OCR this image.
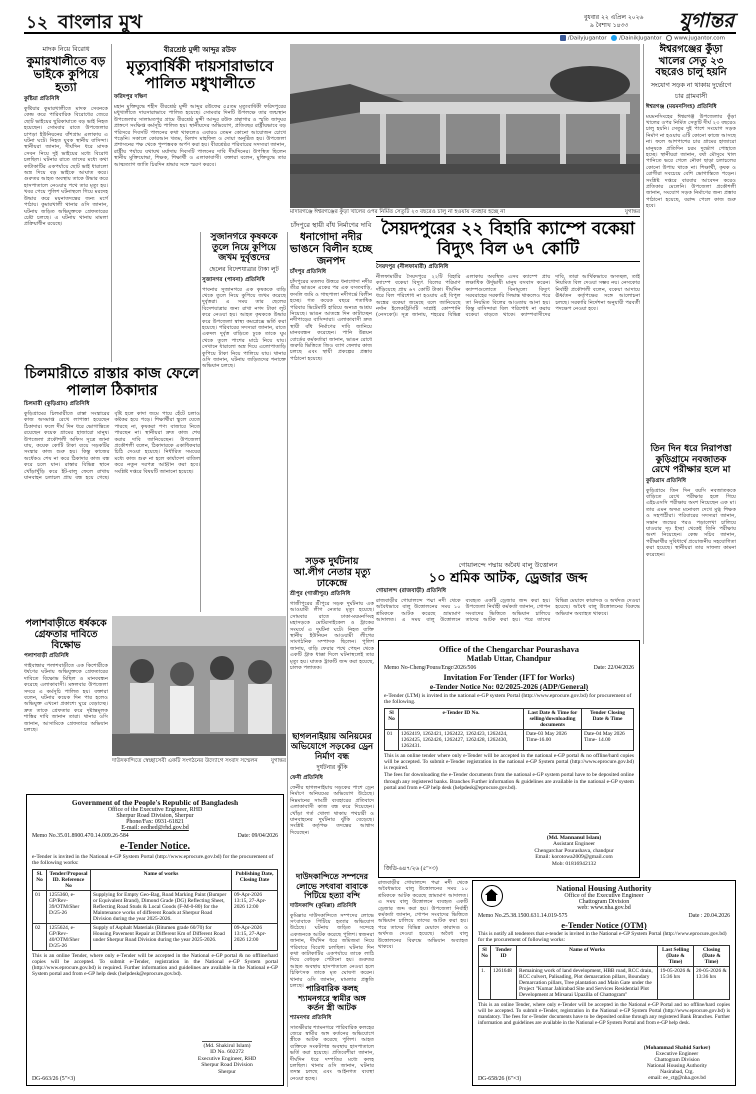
১২ বাংলার মুখ	বুধবার ২২ এপ্রিল ২০২৬
৯ বৈশাখ ১৪৩৩	যুগান্তর
/Dailyjugantor /DainikJugantor www.jugantor.com
মাদক নিয়ে বিরোধ
কুমারখালীতে বড় ভাইকে কুপিয়ে হত্যা
কুষ্টিয়া প্রতিনিধি
কুষ্টিয়ার কুমারখালীতে মাদক সেবনকে কেন্দ্র করে পারিবারিক বিরোধের জেরে ছোট ভাইয়ের ছুরিকাঘাতে বড় ভাই নিহত হয়েছেন। সোমবার রাতে উপজেলার চাপড়া ইউনিয়নের বাঁশগ্রাম এলাকায় এ ঘটনা ঘটে। নিহত যুবক স্থানীয় বাসিন্দা। স্থানীয়রা জানান, দীর্ঘদিন ধরে মাদক সেবন নিয়ে দুই ভাইয়ের মধ্যে বিরোধ চলছিল। ঘটনার রাতে তাদের মধ্যে কথা কাটাকাটির একপর্যায়ে ছোট ভাই ধারালো অস্ত্র দিয়ে বড় ভাইকে আঘাত করে। গুরুতর আহত অবস্থায় তাকে উদ্ধার করে হাসপাতালে নেওয়ার পথে তার মৃত্যু হয়। খবর পেয়ে পুলিশ ঘটনাস্থলে গিয়ে মরদেহ উদ্ধার করে ময়নাতদন্তের জন্য মর্গে পাঠায়। কুমারখালী থানার ওসি জানান, ঘটনায় জড়িত অভিযুক্তকে গ্রেফতারের চেষ্টা চলছে। এ ঘটনায় থানায় মামলা প্রক্রিয়াধীন রয়েছে।
বীরশ্রেষ্ঠ মুন্সী আব্দুর রউফ
মৃত্যুবার্ষিকী দায়সারাভাবে পালিত মধুখালীতে
ফরিদপুর দক্ষিণ
মহান মুক্তিযুদ্ধে শহীদ বীরশ্রেষ্ঠ মুন্সী আব্দুর রউফের ৫৫তম মৃত্যুবার্ষিকী ফরিদপুরের মধুখালীতে দায়সারাভাবে পালিত হয়েছে। সোমবার দিনটি উপলক্ষে তার জন্মস্থান উপজেলার সালামতপুর গ্রামে বীরশ্রেষ্ঠ মুন্সী আব্দুর রউফ গ্রন্থাগার ও স্মৃতি জাদুঘর প্রাঙ্গণে সংক্ষিপ্ত কর্মসূচি পালিত হয়। স্থানীয়দের অভিযোগ, প্রতিবছর রাষ্ট্রীয়ভাবে বড় পরিসরে দিবসটি পালনের কথা থাকলেও এবারও তেমন কোনো আয়োজন চোখে পড়েনি। সকালে কোরআন খতম, মিলাদ মাহফিল ও দোয়া অনুষ্ঠিত হয়। উপজেলা প্রশাসনের পক্ষ থেকে পুষ্পস্তবক অর্পণ করা হয়। বীরশ্রেষ্ঠর পরিবারের সদস্যরা জানান, রাষ্ট্রীয় পর্যায়ে যথাযথ মর্যাদায় দিবসটি পালনের দাবি দীর্ঘদিনের। উপস্থিত ছিলেন স্থানীয় মুক্তিযোদ্ধা, শিক্ষক, শিক্ষার্থী ও এলাকাবাসী। বক্তারা বলেন, মুক্তিযুদ্ধে তার আত্মত্যাগ জাতি চিরদিন শ্রদ্ধার সঙ্গে স্মরণ করবে।
মাদারগঞ্জে ঈশ্বরগঞ্জের কুঁড়া খালের ওপর নির্মিত সেতুটি ২৩ বছরেও চালু না হওয়ায় ব্যবহার হচ্ছে না	যুগান্তর
ঈশ্বরগঞ্জের কুঁড়া খালের সেতু ২৩ বছরেও চালু হয়নি
সংযোগ সড়ক না থাকায় দুর্ভোগে চার গ্রামবাসী
ঈশ্বরগঞ্জ (ময়মনসিংহ) প্রতিনিধি
ময়মনসিংহের ঈশ্বরগঞ্জ উপজেলার কুঁড়া খালের ওপর নির্মিত সেতুটি দীর্ঘ ২৩ বছরেও চালু হয়নি। সেতুর দুই পাশে সংযোগ সড়ক নির্মাণ না হওয়ায় এটি কোনো কাজে আসছে না। ফলে আশপাশের চার গ্রামের হাজারো মানুষকে প্রতিদিন চরম দুর্ভোগ পোহাতে হচ্ছে। স্থানীয়রা জানান, বর্ষা মৌসুমে খাল পানিতে ভরে গেলে নৌকা ছাড়া চলাচলের কোনো উপায় থাকে না। শিক্ষার্থী, কৃষক ও রোগীরা সবচেয়ে বেশি ভোগান্তিতে পড়েন। সংশ্লিষ্ট দপ্তরে বারবার আবেদন করেও প্রতিকার মেলেনি। উপজেলা প্রকৌশলী জানান, সংযোগ সড়ক নির্মাণের জন্য প্রস্তাব পাঠানো হয়েছে, বরাদ্দ পেলে কাজ শুরু হবে।
তিন দিন ধরে নিরাপত্তা কুড়িগ্রামে নবজাতক রেখে পরীক্ষার হলে মা
কুড়িগ্রাম প্রতিনিধি
কুড়িগ্রামে তিন দিন বয়সি নবজাতককে বাড়িতে রেখে পরীক্ষার হলে গিয়ে এইচএসসি পরীক্ষায় অংশ নিয়েছেন এক মা। তার এমন অদম্য মনোবল দেখে মুগ্ধ শিক্ষক ও সহপাঠীরা। পরিবারের সদস্যরা জানান, সন্তান জন্মের পরও পড়ালেখা চালিয়ে যাওয়ার দৃঢ় ইচ্ছা থেকেই তিনি পরীক্ষায় অংশ নিয়েছেন। কেন্দ্র সচিব জানান, পরীক্ষার্থীর সুবিধার্থে প্রয়োজনীয় সহযোগিতা করা হয়েছে। স্থানীয়রা তার সাফল্য কামনা করেছেন।
চাঁদপুরে স্থায়ী বাঁধ নির্মাণের দাবি
ধনাগোদা নদীর ভাঙনে বিলীন হচ্ছে জনপদ
চাঁদপুর প্রতিনিধি
চাঁদপুরের মতলব উত্তরে ধনাগোদা নদীর তীব্র ভাঙনে একের পর এক বসতবাড়ি, ফসলি জমি ও গাছপালা নদীগর্ভে বিলীন হচ্ছে। গত কয়েক বছরে শতাধিক পরিবার ভিটেমাটি হারিয়ে অন্যত্র আশ্রয় নিয়েছে। ভাঙন আতঙ্কে দিন কাটাচ্ছেন নদীপাড়ের বাসিন্দারা। এলাকাবাসী দ্রুত স্থায়ী বাঁধ নির্মাণের দাবি জানিয়ে মানববন্ধন করেছেন। পানি উন্নয়ন বোর্ডের কর্মকর্তারা জানান, ভাঙন রোধে জরুরি ভিত্তিতে জিও ব্যাগ ফেলার কাজ চলছে এবং স্থায়ী প্রকল্পের প্রস্তাব পাঠানো হয়েছে।
সৈয়দপুরের ২২ বিহারি ক্যাম্পে বকেয়া বিদ্যুৎ বিল ৬৭ কোটি
সৈয়দপুর (নীলফামারী) প্রতিনিধি
নীলফামারীর সৈয়দপুরে ২২টি বিহারি ক্যাম্পে বকেয়া বিদ্যুৎ বিলের পরিমাণ দাঁড়িয়েছে প্রায় ৬৭ কোটি টাকা। দীর্ঘদিন ধরে বিল পরিশোধ না হওয়ায় এই বিপুল অঙ্কের বকেয়া জমেছে বলে জানিয়েছে নর্দান ইলেকট্রিসিটি সাপ্লাই কোম্পানি (নেসকো)। সূত্র জানায়, শহরের বিভিন্ন এলাকায় অবস্থিত এসব ক্যাম্পে প্রায় লক্ষাধিক উর্দুভাষী মানুষ বসবাস করেন। ক্যাম্পগুলোতে বিনামূল্যে বিদ্যুৎ সরবরাহের সরকারি সিদ্ধান্ত থাকলেও পরে তা নিয়মিত বিলের আওতায় আনা হয়। কিন্তু বাসিন্দারা বিল পরিশোধ না করায় বকেয়া বাড়তে থাকে। ক্যাম্পবাসীদের দাবি, তারা আর্থিকভাবে অসচ্ছল, তাই নিয়মিত বিল দেওয়া সম্ভব নয়। নেসকোর নির্বাহী প্রকৌশলী বলেন, বকেয়া আদায়ে ঊর্ধ্বতন কর্তৃপক্ষের সঙ্গে আলোচনা চলছে। সরকারি নির্দেশনা অনুযায়ী পরবর্তী পদক্ষেপ নেওয়া হবে।
সুজানগরে কৃষককে তুলে নিয়ে কুপিয়ে জখম দুর্বৃত্তদের
ছেলের বিদেশযাত্রার টাকা লুট
সুজানগর (পাবনা) প্রতিনিধি
পাবনার সুজানগরে এক কৃষককে বাড়ি থেকে তুলে নিয়ে কুপিয়ে জখম করেছে দুর্বৃত্তরা। এ সময় তার ছেলের বিদেশযাত্রার জন্য রাখা নগদ টাকা লুট করে নেওয়া হয়। আহত কৃষককে উদ্ধার করে উপজেলা স্বাস্থ্য কমপ্লেক্সে ভর্তি করা হয়েছে। পরিবারের সদস্যরা জানান, রাতে একদল দুর্বৃত্ত বাড়িতে ঢুকে তাকে ঘুম থেকে তুলে পাশের মাঠে নিয়ে যায়। সেখানে ধারালো অস্ত্র দিয়ে এলোপাতাড়ি কুপিয়ে টাকা নিয়ে পালিয়ে যায়। থানার ওসি জানান, ঘটনায় জড়িতদের শনাক্তে অভিযান চলছে।
চিলমারীতে রাস্তার কাজ ফেলে পালাল ঠিকাদার
চিলমারী (কুড়িগ্রাম) প্রতিনিধি
কুড়িগ্রামের চিলমারীতে রাস্তা সংস্কারের কাজ অসমাপ্ত রেখে লাপাত্তা হয়েছেন ঠিকাদার। ফলে দীর্ঘ দিন ধরে ভোগান্তিতে রয়েছেন কয়েক গ্রামের হাজারো মানুষ। উপজেলা প্রকৌশলী অফিস সূত্রে জানা যায়, কয়েক কোটি টাকা ব্যয়ে সড়কটির সংস্কার কাজ শুরু হয়। কিন্তু কাজের অর্ধেকও শেষ না করে ঠিকাদার কাজ বন্ধ করে চলে যান। রাস্তার বিভিন্ন স্থানে খোঁড়াখুঁড়ি করে ইট-বালু ফেলে রাখায় যানবাহন চলাচল প্রায় বন্ধ হয়ে গেছে। বৃষ্টি হলে কাদা জমে পায়ে হেঁটে চলাও কষ্টকর হয়ে পড়ে। শিক্ষার্থীরা স্কুলে যেতে পারছে না, কৃষকরা পণ্য বাজারে নিতে পারছেন না। স্থানীয়রা দ্রুত কাজ শেষ করার দাবি জানিয়েছেন। উপজেলা প্রকৌশলী বলেন, ঠিকাদারকে একাধিকবার চিঠি দেওয়া হয়েছে। নির্ধারিত সময়ের মধ্যে কাজ শুরু না হলে কার্যাদেশ বাতিল করে নতুন দরপত্র আহ্বান করা হবে। সংশ্লিষ্ট দপ্তরে বিষয়টি জানানো হয়েছে।
পলাশবাড়ীতে ধর্ষককে গ্রেফতার দাবিতে বিক্ষোভ
পলাশবাড়ী প্রতিনিধি
গাইবান্ধার পলাশবাড়ীতে এক কিশোরীকে ধর্ষণের ঘটনায় অভিযুক্তকে গ্রেফতারের দাবিতে বিক্ষোভ মিছিল ও মানববন্ধন করেছে এলাকাবাসী। মঙ্গলবার উপজেলা সদরে এ কর্মসূচি পালিত হয়। বক্তারা বলেন, ঘটনার কয়েক দিন পার হলেও অভিযুক্ত এখনো প্রকাশ্যে ঘুরে বেড়াচ্ছে। দ্রুত তাকে গ্রেফতার করে দৃষ্টান্তমূলক শাস্তির দাবি জানান তারা। থানার ওসি জানান, আসামিকে গ্রেফতারে অভিযান চলছে।
দাউদকান্দিতে স্বেচ্ছাসেবী একটি সংগঠনের উদ্যোগে সংবাদ সম্মেলন যুগান্তর
সড়ক দুর্ঘটনায় আ.লীগ নেতার মৃত্যু ঢাকেন্দ্রে
শ্রীপুর (গাজীপুর) প্রতিনিধি
গাজীপুরের শ্রীপুরে সড়ক দুর্ঘটনায় এক আওয়ামী লীগ নেতার মৃত্যু হয়েছে। সোমবার রাতে ঢাকা-ময়মনসিংহ মহাসড়কে মোটরসাইকেল ও ট্রাকের সংঘর্ষে এ দুর্ঘটনা ঘটে। নিহত ব্যক্তি স্থানীয় ইউনিয়ন আওয়ামী লীগের সাংগঠনিক সম্পাদক ছিলেন। পুলিশ জানায়, বাড়ি ফেরার পথে পেছন থেকে একটি ট্রাক ধাক্কা দিলে ঘটনাস্থলেই তার মৃত্যু হয়। ঘাতক ট্রাকটি জব্দ করা হয়েছে, চালক পলাতক।
গোয়ালন্দে পদ্মায় অবৈধ বালু উত্তোলন
১০ শ্রমিক আটক, ড্রেজার জব্দ
গোয়ালন্দ (রাজবাড়ী) প্রতিনিধি
রাজবাড়ীর গোয়ালন্দে পদ্মা নদী থেকে অবৈধভাবে বালু উত্তোলনের সময় ১০ শ্রমিককে আটক করেছে ভ্রাম্যমাণ আদালত। এ সময় বালু উত্তোলনে ব্যবহৃত একটি ড্রেজার জব্দ করা হয়। উপজেলা নির্বাহী কর্মকর্তা জানান, গোপন সংবাদের ভিত্তিতে অভিযান চালিয়ে তাদের আটক করা হয়। পরে তাদের বিভিন্ন মেয়াদে কারাদণ্ড ও অর্থদণ্ড দেওয়া হয়েছে। অবৈধ বালু উত্তোলনের বিরুদ্ধে অভিযান অব্যাহত থাকবে।
ছাগলনাইয়ায় অনিয়মের অভিযোগে সড়কের ড্রেন নির্মাণ বন্ধ
দুর্ঘটনার ঝুঁকি
ফেনী প্রতিনিধি
ফেনীর ছাগলনাইয়ায় সড়কের পাশে ড্রেন নির্মাণে অনিয়মের অভিযোগ উঠেছে। নিম্নমানের সামগ্রী ব্যবহারের প্রতিবাদে এলাকাবাসী কাজ বন্ধ করে দিয়েছেন। খোঁড়া গর্ত খোলা থাকায় পথচারী ও যানবাহনের দুর্ঘটনার ঝুঁকি বেড়েছে। সংশ্লিষ্ট কর্তৃপক্ষ তদন্তের আশ্বাস দিয়েছেন।
দাউদকান্দিতে সম্পদের লোভে সৎবাবা বাবাকে পিটিয়ে হত্যা বন্দি
দাউদকান্দি (কুমিল্লা) প্রতিনিধি
কুমিল্লার দাউদকান্দিতে সম্পদের লোভে সৎবাবাকে পিটিয়ে হত্যার অভিযোগ উঠেছে। ঘটনায় জড়িত সন্দেহে একজনকে আটক করেছে পুলিশ। স্বজনরা জানান, দীর্ঘদিন ধরে জমিজমা নিয়ে পরিবারে বিরোধ চলছিল। ঘটনার দিন কথা কাটাকাটির একপর্যায়ে তাকে লাঠি দিয়ে বেধড়ক পেটানো হয়। গুরুতর আহত অবস্থায় হাসপাতালে নেওয়া হলে চিকিৎসক তাকে মৃত ঘোষণা করেন। থানার ওসি জানান, মামলার প্রস্তুতি চলছে। পারিবারিক কলহ শ্যামনগরে স্বামীর অঙ্গ কর্তন স্ত্রী আটক
শ্যামনগর প্রতিনিধি
সাতক্ষীরার শ্যামনগরে পারিবারিক কলহের জেরে স্বামীর অঙ্গ কর্তনের অভিযোগে স্ত্রীকে আটক করেছে পুলিশ। আহত ব্যক্তিকে সংকটাপন্ন অবস্থায় হাসপাতালে ভর্তি করা হয়েছে। প্রতিবেশীরা জানান, দীর্ঘদিন ধরে দম্পতির মধ্যে কলহ চলছিল। থানার ওসি জানান, ঘটনার তদন্ত চলছে এবং আইনগত ব্যবস্থা নেওয়া হচ্ছে।
Government of the People's Republic of Bangladesh
Office of the Executive Engineer, RHD
Sherpur Road Division, Sherpur
Phone/Fax: 0931-61821
E-mail: eedhed@rhd.gov.bd
Memo No.35.01.8900.470.14.009.26-584	Date: 09/04/2026
e-Tender Notice.
e-Tender is invited in the National e-GP System Portal (http://www.eprocure.gov.bd) for the procurement of the following works:
Sl. No	Tender/Proposal ID. Reference No	Name of works	Publishing Date, Closing Date
01	1255360, e-GP/Rev-39/OTM/Sher D/25-26	Supplying for Empty Geo-Bag, Road Marking Paint (Bumper or Equivalent Brand), Dimond Grade (DG) Reflecting Sheet, Reflecting Road Studs & Local Goods (F-M-0-80) for the Maintenance works of different Roads at Sherpur Road Division during the year 2025-2026.	09-Apr-2026 13:15, 27-Apr-2026 12:00
02	1255624, e-GP/Rev-40/OTM/Sher D/25-26	Supply of Asphalt Materials (Bitumen grade 60/70) for Housing Pavement Repair at Different Km of Different Road under Sherpur Road Division during the year 2025-2026.	09-Apr-2026 13:15, 27-Apr-2026 12:00
This is an online Tender, where only e-Tender will be accepted in the National e-GP portal & no offline/hard copies will be accepted. To submit e-Tender, registration in the National e-GP System portal (http://www.eprocure.gov.bd) is required. Further information and guidelines are available in the National e-GP System portal and from e-GP help desk (helpdesk@eprocure.gov.bd).
(Md. Shakirul Islam)
ID No. 602272
Executive Engineer, RHD
Sherpur Road Division
Sherpur
DG-663/26 (5"×3)
Office of the Chengarchar Pourashava
Matlab Uttar, Chandpur
Memo No-Cheng/Poura/Engr/2026/506	Date: 22/04/2026
Invitation For Tender (IFT for Works)
e-Tender Notice No: 02/2025-2026 (ADP/General)
e-Tender (LTM) is invited in the national e-GP system Portal (http://www.eprocure.gov.bd) for procurement of the following.
Sl No	e-Tender ID No.	Last Date & Time for selling/downloading documents	Tender Closing Date & Time
01	1262419, 1262421, 1262422, 1262423, 1262424, 1262425, 1262426, 1262427, 1262428, 1262430, 1262431.	Date-03 May 2026 Time-16.00	Date-04 May 2026 Time- 14.00
This is an online tender where only e-Tender will be accepted in the national e-GP portal & no offline/hard copies will be accepted. To submit e-Tender registration in the national e-GP System portal (http://www.eprocure.gov.bd) is required.
The fees for downloading the e-Tender documents from the national e-GP system portal have to be deposited online through any registered banks. Branches Further information & guidelines are available in the national e-GP system portal and from e-GP help desk (helpdesk@eprocure.gov.bd).
(Md. Mannanul Islam)
Assistant Engineer
Chengarchar Pourashava, chandpur
Email: korotowa2009@gmail.com
Mob: 01816942132
জিডি-৬৪৭/২৬ (৫"×৩)
National Housing Authority
Office of the Executive Engineer
Chattogram Division
web: www.nha.gov.bd
Memo No.25.38.1500.631.14.019-575	Date : 20.04.2026
e-Tender Notice (OTM)
This is notify all tenderers that e-tender is invited in the National e-GP System Portal (http://www.eprocure.gov.bd) for the procurement of following works:
Sl No	Tender ID	Name of Works	Last Selling (Date & Time)	Closing (Date & Time)
1.	1261648	Remaining work of land development, HBB road, RCC drain, RCC culvert, Palisading, Plot demarcation pillars, Boundary Demarcation pillars, Tree plantation and Main Gate under the Project "Kumar Jahirabad Site and Services Residential Plot Development at Mirsarai Upazilla of Chattogram"	19-05-2026 & 15:36 hrs	20-05-2026 & 13:36 hrs
This is an online Tender, where only e-Tender will be accepted in the National e-GP Portal and no offline/hard copies will be accepted. To submit e-Tender, registration in the National e-GP System Portal (http://www.eprocure.gov.bd) is mandatory. The fees for e-Tender documents have to be deposited online through any registered Bank Branches. Further information and guidelines are available in the National e-GP System Portal and from e-GP help desk.
(Mohammad Shahid Sarker)
Executive Engineer
Chattogram Division
National Housing Authority
Nasirabad, Ctg.
email: ee_ctg@nha.gov.bd
DG-658/26 (6"×3)
রাজবাড়ীর গোয়ালন্দে পদ্মা নদী থেকে অবৈধভাবে বালু উত্তোলনের সময় ১০ শ্রমিককে আটক করেছে ভ্রাম্যমাণ আদালত। এ সময় বালু উত্তোলনে ব্যবহৃত একটি ড্রেজার জব্দ করা হয়। উপজেলা নির্বাহী কর্মকর্তা জানান, গোপন সংবাদের ভিত্তিতে অভিযান চালিয়ে তাদের আটক করা হয়। পরে তাদের বিভিন্ন মেয়াদে কারাদণ্ড ও অর্থদণ্ড দেওয়া হয়েছে। অবৈধ বালু উত্তোলনের বিরুদ্ধে অভিযান অব্যাহত থাকবে।
